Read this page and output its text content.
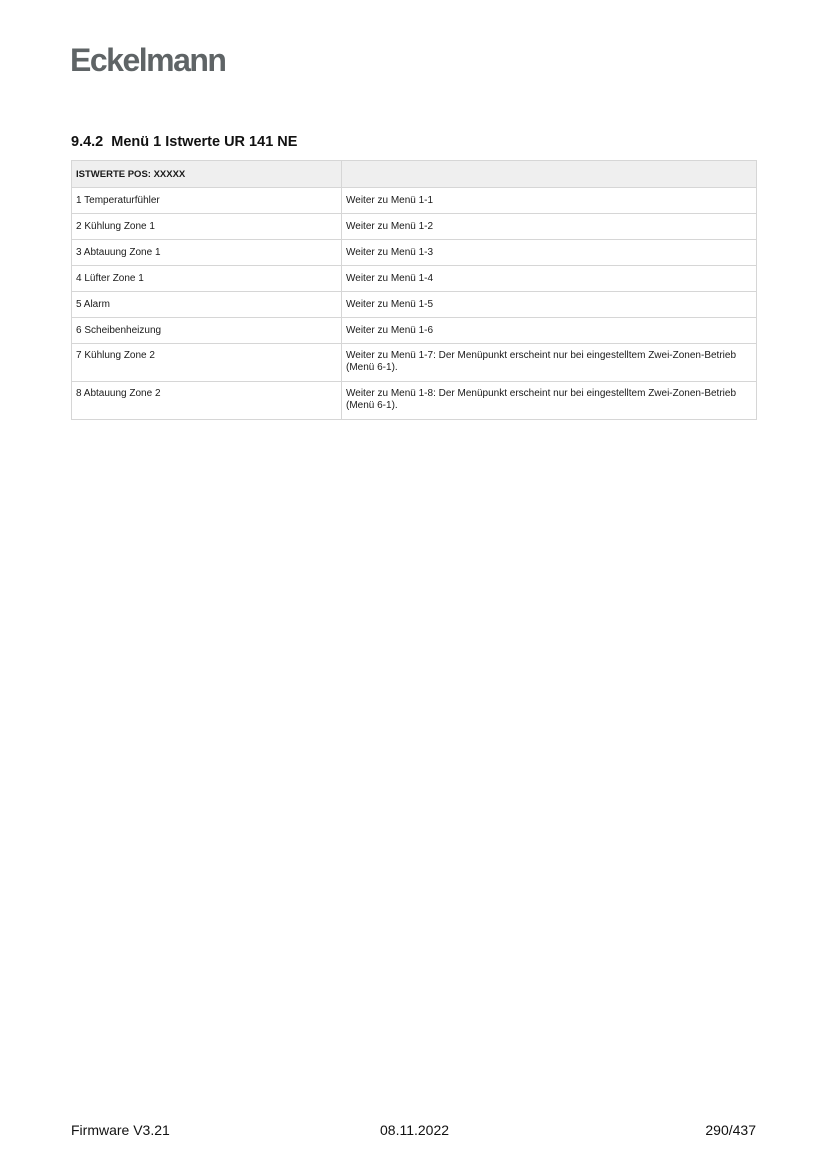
Eckelmann
9.4.2 Menü 1 Istwerte UR 141 NE
ISTWERTE POS: XXXXX	
1 Temperaturfühler	Weiter zu Menü 1-1
2 Kühlung Zone 1	Weiter zu Menü 1-2
3 Abtauung Zone 1	Weiter zu Menü 1-3
4 Lüfter Zone 1	Weiter zu Menü 1-4
5 Alarm	Weiter zu Menü 1-5
6 Scheibenheizung	Weiter zu Menü 1-6
7 Kühlung Zone 2	Weiter zu Menü 1-7: Der Menüpunkt erscheint nur bei eingestelltem Zwei-Zonen-Betrieb (Menü 6-1).
8 Abtauung Zone 2	Weiter zu Menü 1-8: Der Menüpunkt erscheint nur bei eingestelltem Zwei-Zonen-Betrieb (Menü 6-1).
Firmware V3.21	08.11.2022	290/437
